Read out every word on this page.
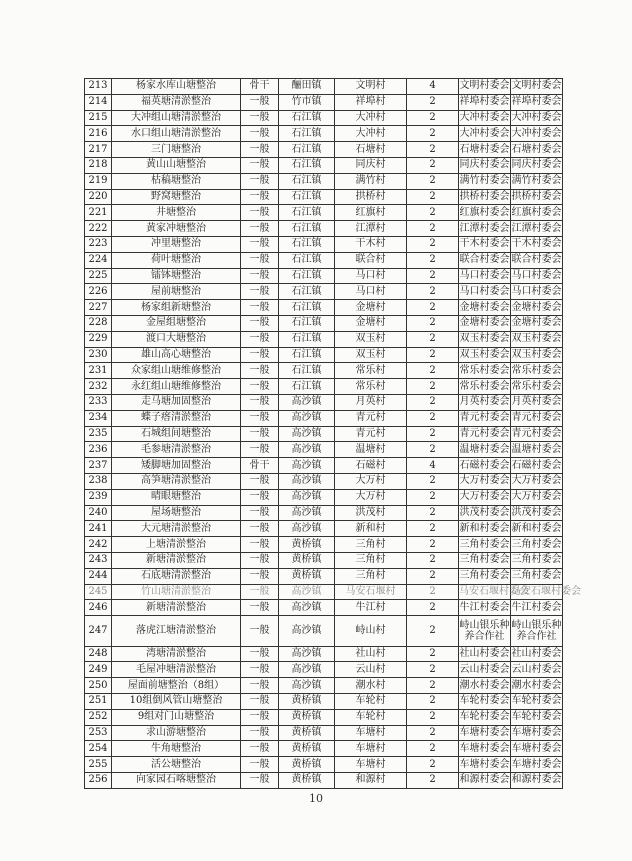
213	杨家水库山塘整治	骨干	酾田镇	文明村	4	文明村委会	文明村委会
214	福英塘清淤整治	一般	竹市镇	祥埠村	2	祥埠村委会	祥埠村委会
215	大冲组山塘清淤整治	一般	石江镇	大冲村	2	大冲村委会	大冲村委会
216	水口组山塘清淤整治	一般	石江镇	大冲村	2	大冲村委会	大冲村委会
217	三门塘整治	一般	石江镇	石塘村	2	石塘村委会	石塘村委会
218	黄山山塘整治	一般	石江镇	同庆村	2	同庆村委会	同庆村委会
219	枯稿塘整治	一般	石江镇	满竹村	2	满竹村委会	满竹村委会
220	野窝塘整治	一般	石江镇	拱桥村	2	拱桥村委会	拱桥村委会
221	井塘整治	一般	石江镇	红旗村	2	红旗村委会	红旗村委会
222	黄家冲塘整治	一般	石江镇	江潭村	2	江潭村委会	江潭村委会
223	冲里塘整治	一般	石江镇	干木村	2	干木村委会	干木村委会
224	荷叶塘整治	一般	石江镇	联合村	2	联合村委会	联合村委会
225	镭钵塘整治	一般	石江镇	马口村	2	马口村委会	马口村委会
226	屋前塘整治	一般	石江镇	马口村	2	马口村委会	马口村委会
227	杨家组新塘整治	一般	石江镇	金塘村	2	金塘村委会	金塘村委会
228	金屋组塘整治	一般	石江镇	金塘村	2	金塘村委会	金塘村委会
229	渡口大塘整治	一般	石江镇	双玉村	2	双玉村委会	双玉村委会
230	雄山高心塘整治	一般	石江镇	双玉村	2	双玉村委会	双玉村委会
231	众家组山塘维修整治	一般	石江镇	常乐村	2	常乐村委会	常乐村委会
232	永红组山塘维修整治	一般	石江镇	常乐村	2	常乐村委会	常乐村委会
233	走马塘加固整治	一般	高沙镇	月英村	2	月英村委会	月英村委会
234	蝶子瘩清淤整治	一般	高沙镇	青元村	2	青元村委会	青元村委会
235	石城组间塘整治	一般	高沙镇	青元村	2	青元村委会	青元村委会
236	毛参塘清淤整治	一般	高沙镇	温塘村	2	温塘村委会	温塘村委会
237	矮脚塘加固整治	骨干	高沙镇	石磁村	4	石磁村委会	石磁村委会
238	高笋塘清淤整治	一般	高沙镇	大万村	2	大万村委会	大万村委会
239	晴眼塘整治	一般	高沙镇	大万村	2	大万村委会	大万村委会
240	屋场塘整治	一般	高沙镇	洪茂村	2	洪茂村委会	洪茂村委会
241	大元塘清淤整治	一般	高沙镇	新和村	2	新和村委会	新和村委会
242	上塘清淤整治	一般	黄桥镇	三角村	2	三角村委会	三角村委会
243	新塘清淤整治	一般	黄桥镇	三角村	2	三角村委会	三角村委会
244	石底塘清淤整治	一般	黄桥镇	三角村	2	三角村委会	三角村委会
245	竹山塘清淤整治	一般	高沙镇	马安石堰村	2	马安石堰村委会	马安石堰村委会
246	新塘清淤整治	一般	高沙镇	牛江村	2	牛江村委会	牛江村委会
247	落虎江塘清淤整治	一般	高沙镇	峙山村	2	峙山银乐种养合作社	峙山银乐种养合作社
248	湾塘清淤整治	一般	高沙镇	社山村	2	社山村委会	社山村委会
249	毛屋冲塘清淤整治	一般	高沙镇	云山村	2	云山村委会	云山村委会
250	屋面前塘整治（8组）	一般	高沙镇	潮水村	2	潮水村委会	潮水村委会
251	10组倒风管山塘整治	一般	黄桥镇	车轮村	2	车轮村委会	车轮村委会
252	9组对门山塘整治	一般	黄桥镇	车轮村	2	车轮村委会	车轮村委会
253	求山游塘整治	一般	黄桥镇	车塘村	2	车塘村委会	车塘村委会
254	牛角塘整治	一般	黄桥镇	车塘村	2	车塘村委会	车塘村委会
255	活公塘整治	一般	黄桥镇	车塘村	2	车塘村委会	车塘村委会
256	向家园石喀塘整治	一般	黄桥镇	和源村	2	和源村委会	和源村委会
10
